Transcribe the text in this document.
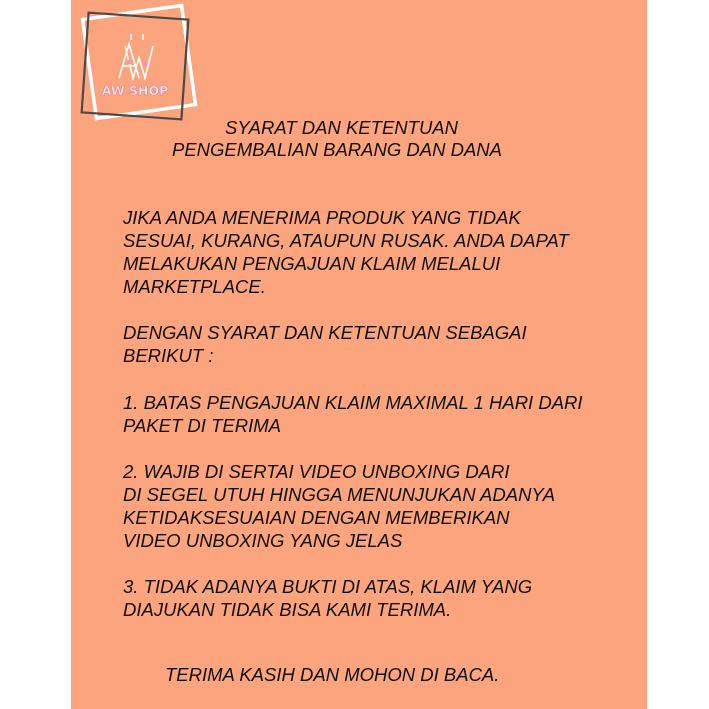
AW SHOP
SYARAT DAN KETENTUAN
PENGEMBALIAN BARANG DAN DANA
JIKA ANDA MENERIMA PRODUK YANG TIDAK
SESUAI, KURANG, ATAUPUN RUSAK. ANDA DAPAT
MELAKUKAN PENGAJUAN KLAIM MELALUI
MARKETPLACE.
DENGAN SYARAT DAN KETENTUAN SEBAGAI
BERIKUT :
1. BATAS PENGAJUAN KLAIM MAXIMAL 1 HARI DARI
PAKET DI TERIMA
2. WAJIB DI SERTAI VIDEO UNBOXING DARI
DI SEGEL UTUH HINGGA MENUNJUKAN ADANYA
KETIDAKSESUAIAN DENGAN MEMBERIKAN
VIDEO UNBOXING YANG JELAS
3. TIDAK ADANYA BUKTI DI ATAS, KLAIM YANG
DIAJUKAN TIDAK BISA KAMI TERIMA.
TERIMA KASIH DAN MOHON DI BACA.
